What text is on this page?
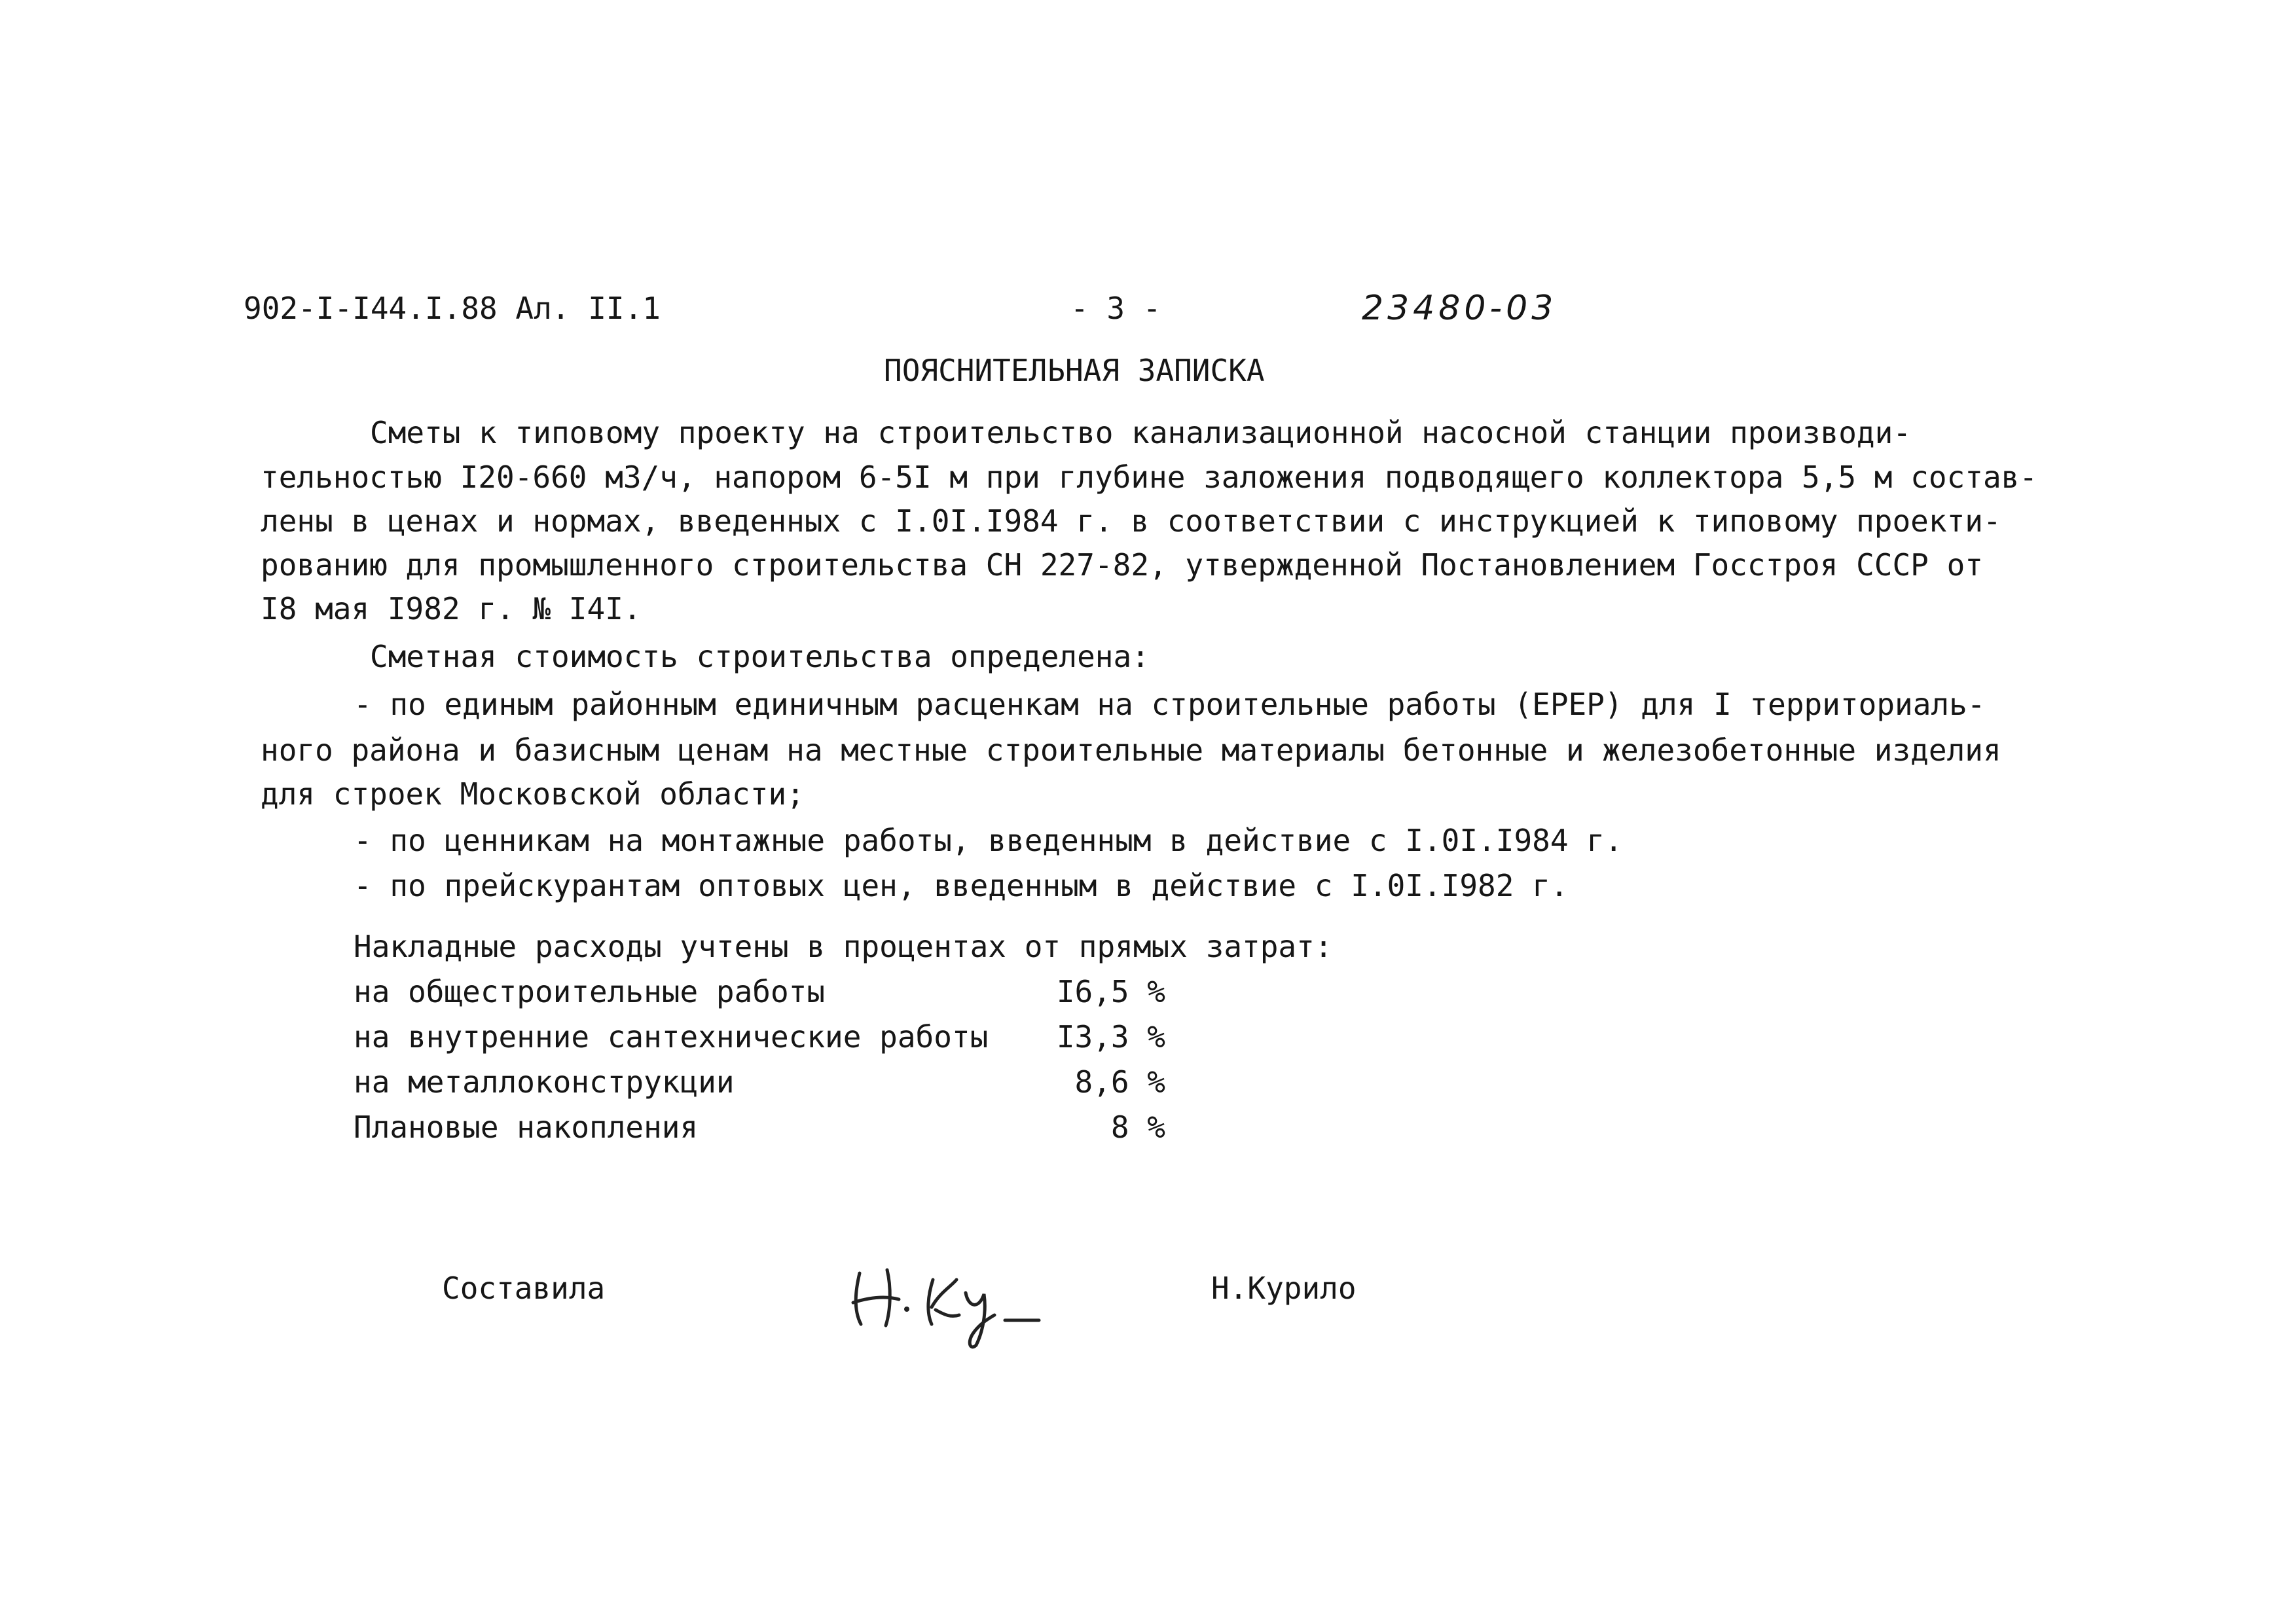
902-I-I44.I.88 Ал. II.1	- 3 -	23480-03
ПОЯСНИТЕЛЬНАЯ ЗАПИСКА
Сметы к типовому проекту на строительство канализационной насосной станции производи-
тельностью I20-660 м3/ч, напором 6-5I м при глубине заложения подводящего коллектора 5,5 м состав-
лены в ценах и нормах, введенных с I.0I.I984 г. в соответствии с инструкцией к типовому проекти-
рованию для промышленного строительства СН 227-82, утвержденной Постановлением Госстроя СССР от
I8 мая I982 г. № I4I.
Сметная стоимость строительства определена:
- по единым районным единичным расценкам на строительные работы (ЕРЕР) для I территориаль-
ного района и базисным ценам на местные строительные материалы бетонные и железобетонные изделия
для строек Московской области;
- по ценникам на монтажные работы, введенным в действие с I.0I.I984 г.
- по прейскурантам оптовых цен, введенным в действие с I.0I.I982 г.
Накладные расходы учтены в процентах от прямых затрат:
на общестроительные работы	I6,5 %
на внутренние сантехнические работы	I3,3 %
на металлоконструкции	8,6 %
Плановые накопления	8 %
Составила	Н.Курило
